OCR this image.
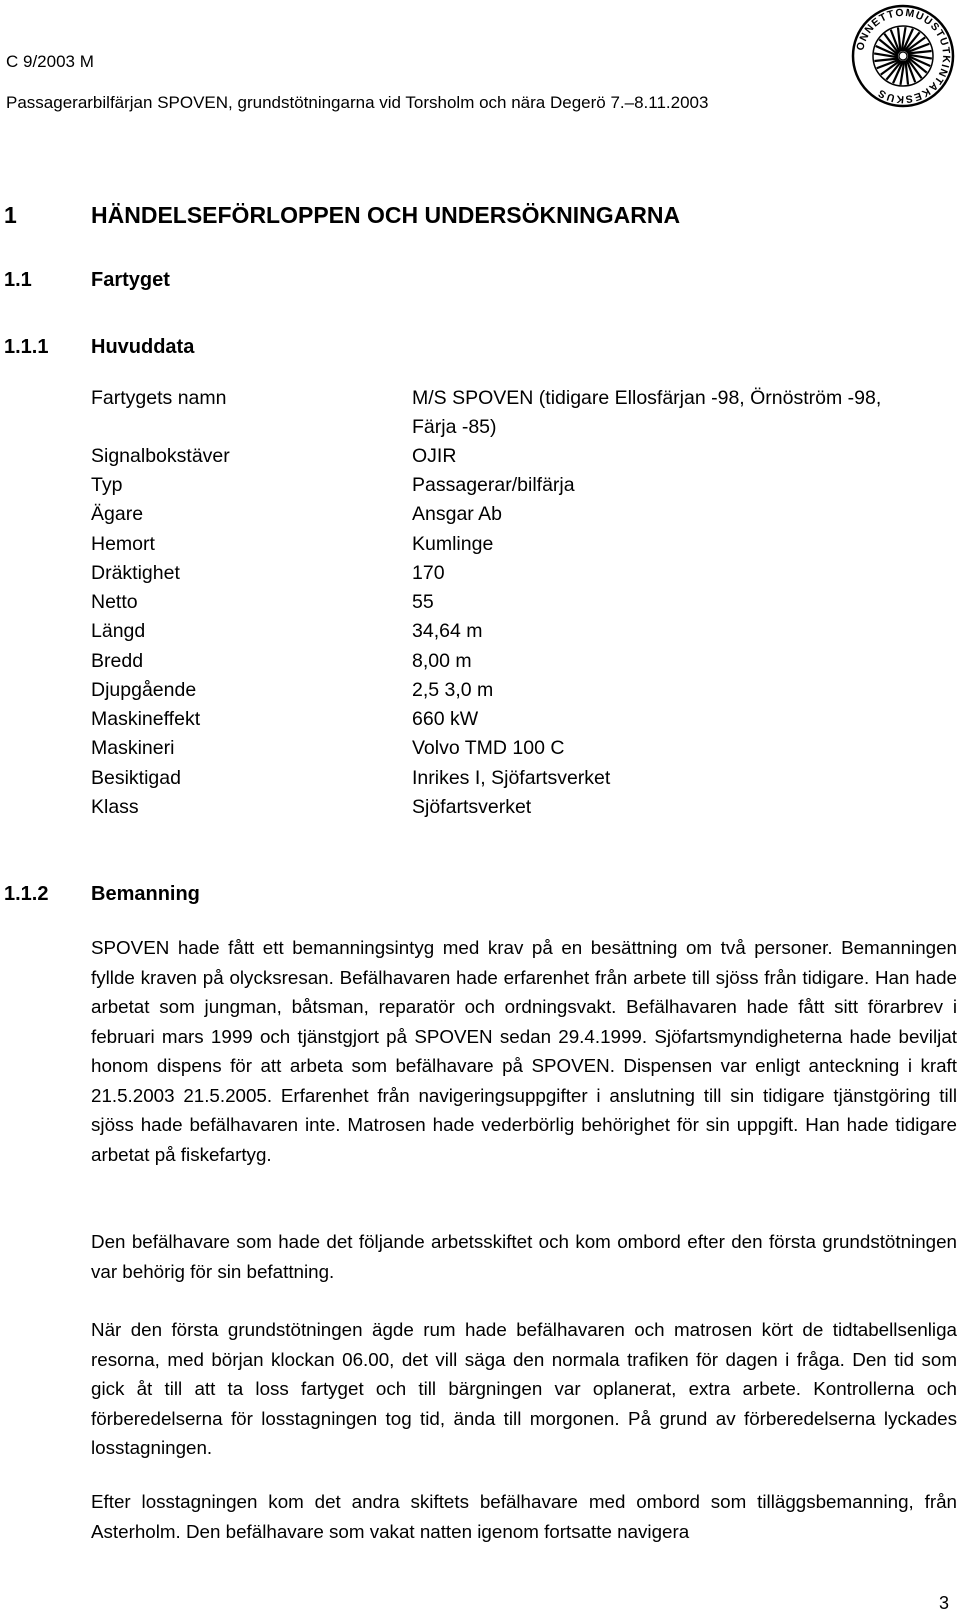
C 9/2003 M
Passagerarbilfärjan SPOVEN, grundstötningarna vid Torsholm och nära Degerö 7.–8.11.2003
ONNETTOMUUSTUTKINTAKESKUS
1	HÄNDELSEFÖRLOPPEN OCH UNDERSÖKNINGARNA
1.1	Fartyget
1.1.1 Huvuddata
Fartygets namn	M/S SPOVEN (tidigare Ellosfärjan -98, Örnöström -98,
Färja -85)
Signalbokstäver	OJIR
Typ	Passagerar/bilfärja
Ägare	Ansgar Ab
Hemort	Kumlinge
Dräktighet	170
Netto	55
Längd	34,64 m
Bredd	8,00 m
Djupgående	2,5 3,0 m
Maskineffekt	660 kW
Maskineri	Volvo TMD 100 C
Besiktigad	Inrikes I, Sjöfartsverket
Klass	Sjöfartsverket
1.1.2 Bemanning
SPOVEN hade fått ett bemanningsintyg med krav på en besättning om två personer. Bemanningen fyllde kraven på olycksresan. Befälhavaren hade erfarenhet från arbete till sjöss från tidigare. Han hade arbetat som jungman, båtsman, reparatör och ordningsvakt. Befälhavaren hade fått sitt förarbrev i februari mars 1999 och tjänstgjort på SPOVEN sedan 29.4.1999. Sjöfartsmyndigheterna hade beviljat honom dispens för att arbeta som befälhavare på SPOVEN. Dispensen var enligt anteckning i kraft 21.5.2003 21.5.2005. Erfarenhet från navigeringsuppgifter i anslutning till sin tidigare tjänstgöring till sjöss hade befälhavaren inte. Matrosen hade vederbörlig behörighet för sin uppgift. Han hade tidigare arbetat på fiskefartyg.
Den befälhavare som hade det följande arbetsskiftet och kom ombord efter den första grundstötningen var behörig för sin befattning.
När den första grundstötningen ägde rum hade befälhavaren och matrosen kört de tidtabellsenliga resorna, med början klockan 06.00, det vill säga den normala trafiken för dagen i fråga. Den tid som gick åt till att ta loss fartyget och till bärgningen var oplanerat, extra arbete. Kontrollerna och förberedelserna för losstagningen tog tid, ända till morgonen. På grund av förberedelserna lyckades losstagningen.
Efter losstagningen kom det andra skiftets befälhavare med ombord som tilläggsbemanning, från Asterholm. Den befälhavare som vakat natten igenom fortsatte navigera
3
